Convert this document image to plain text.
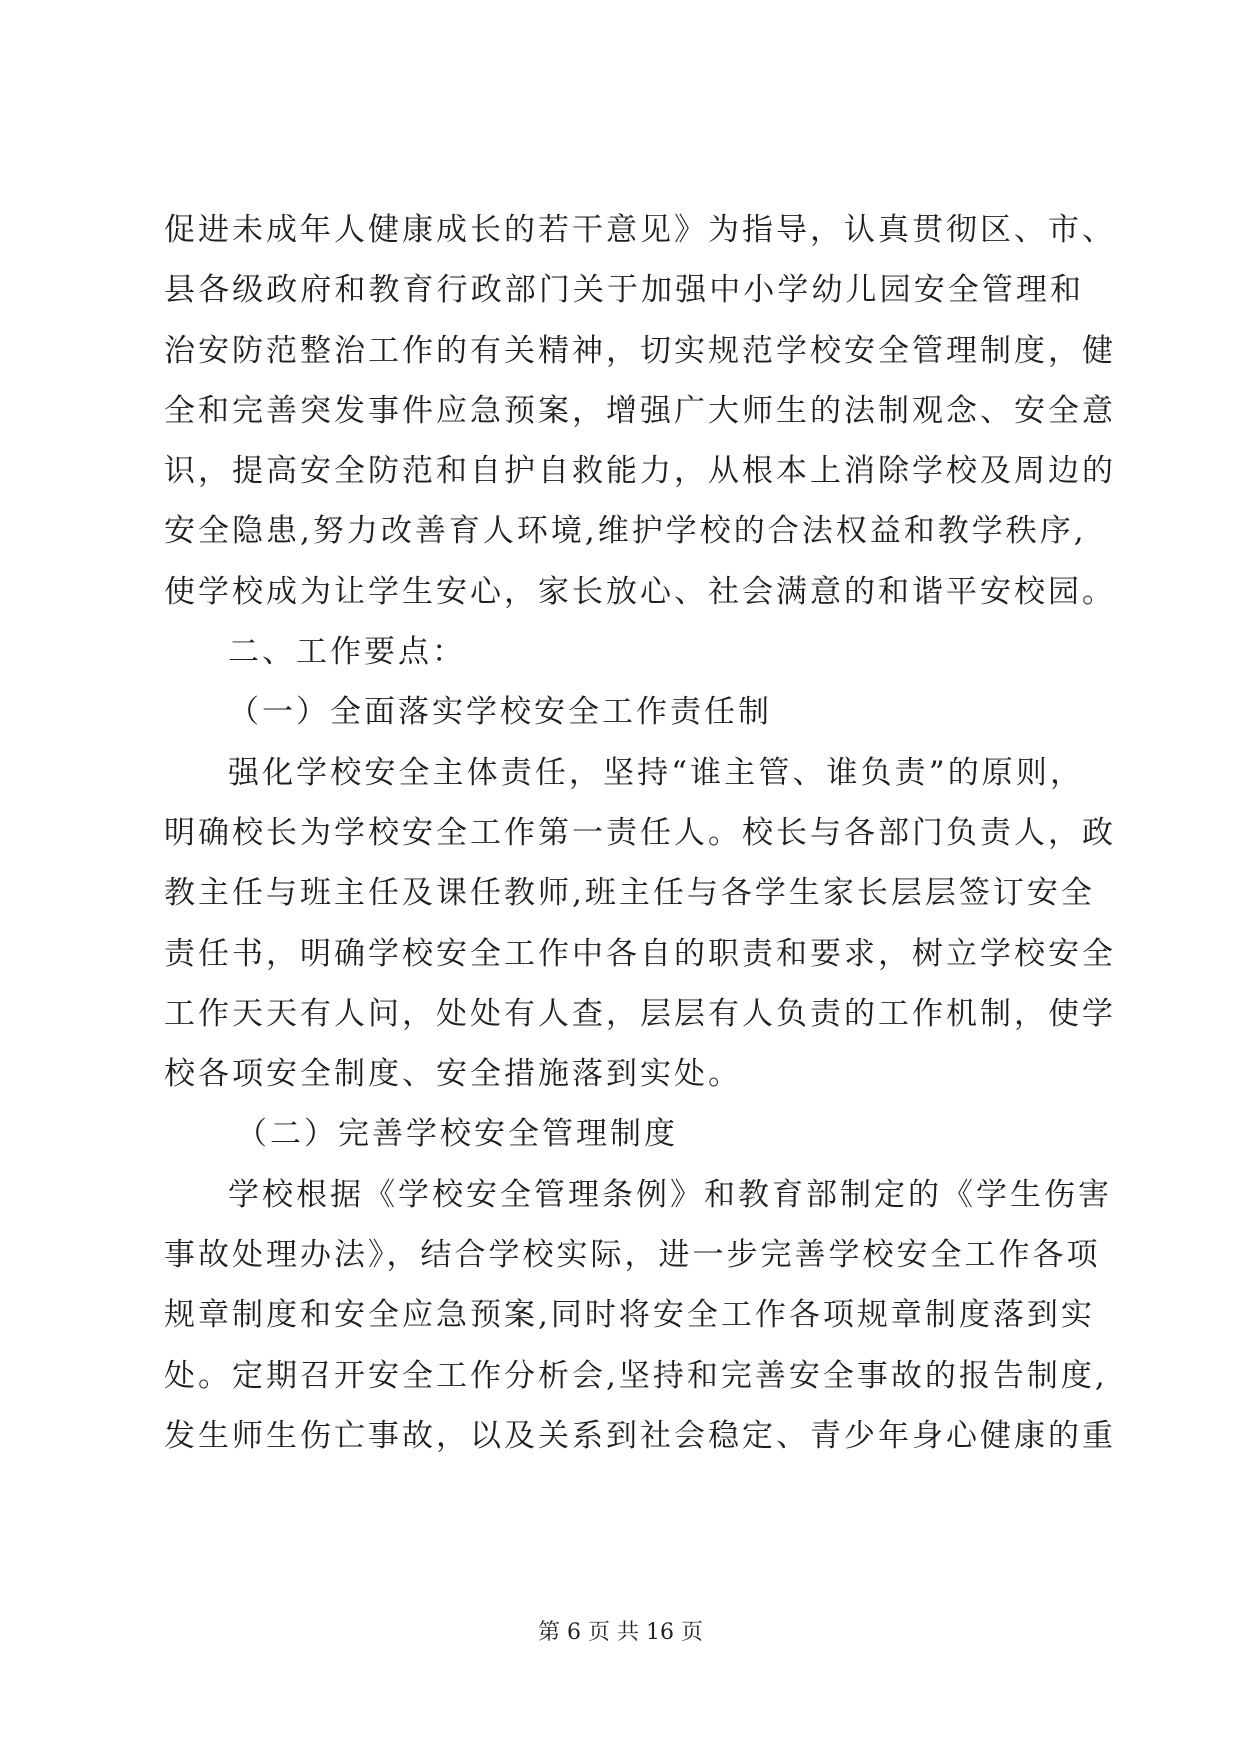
促进未成年人健康成长的若干意见》为指导，认真贯彻区、市、
县各级政府和教育行政部门关于加强中小学幼儿园安全管理和
治安防范整治工作的有关精神，切实规范学校安全管理制度，健
全和完善突发事件应急预案，增强广大师生的法制观念、安全意
识，提高安全防范和自护自救能力，从根本上消除学校及周边的
安全隐患,努力改善育人环境,维护学校的合法权益和教学秩序,
使学校成为让学生安心，家长放心、社会满意的和谐平安校园。
二、工作要点：
（一）全面落实学校安全工作责任制
强化学校安全主体责任，坚持“谁主管、谁负责”的原则，
明确校长为学校安全工作第一责任人。校长与各部门负责人，政
教主任与班主任及课任教师,班主任与各学生家长层层签订安全
责任书，明确学校安全工作中各自的职责和要求，树立学校安全
工作天天有人问，处处有人查，层层有人负责的工作机制，使学
校各项安全制度、安全措施落到实处。
（二）完善学校安全管理制度
学校根据《学校安全管理条例》和教育部制定的《学生伤害
事故处理办法》，结合学校实际，进一步完善学校安全工作各项
规章制度和安全应急预案,同时将安全工作各项规章制度落到实
处。定期召开安全工作分析会,坚持和完善安全事故的报告制度,
发生师生伤亡事故，以及关系到社会稳定、青少年身心健康的重
第 6 页 共 16 页
